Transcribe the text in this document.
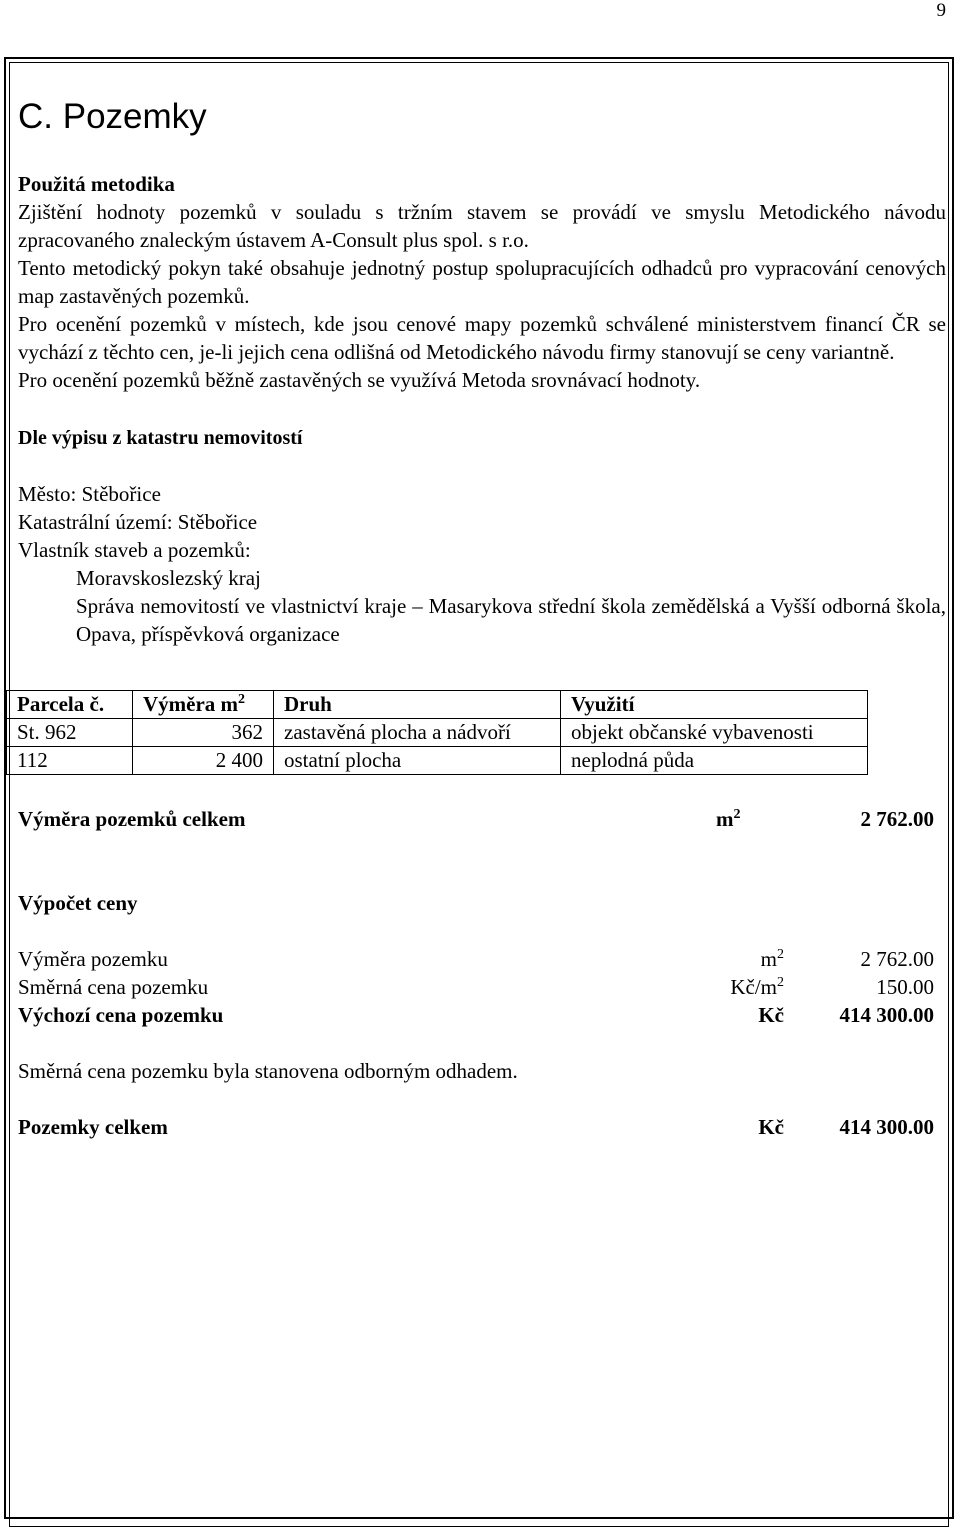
9
C. Pozemky
Použitá metodika

Zjištění hodnoty pozemků v souladu s tržním stavem se provádí ve smyslu Metodického návodu zpracovaného znaleckým ústavem A-Consult plus spol. s r.o.

Tento metodický pokyn také obsahuje jednotný postup spolupracujících odhadců pro vypracování cenových map zastavěných pozemků.

Pro ocenění pozemků v místech, kde jsou cenové mapy pozemků schválené ministerstvem financí ČR se vychází z těchto cen, je-li jejich cena odlišná od Metodického návodu firmy stanovují se ceny variantně.

Pro ocenění pozemků běžně zastavěných se využívá Metoda srovnávací hodnoty.

Dle výpisu z katastru nemovitostí
Město: Stěbořice
Katastrální území: Stěbořice
Vlastník staveb a pozemků:
Moravskoslezský kraj

Správa nemovitostí ve vlastnictví kraje – Masarykova střední škola zemědělská a Vyšší odborná škola, Opava, příspěvková organizace

Parcela č.	Výměra $m^2$	Druh	Využití
St. 962	362	zastavěná plocha a nádvoří	objekt občanské vybavenosti
112	2 400	ostatní plocha	neplodná půda
Výměra pozemků celkem	$m^2$	2 762.00
Výpočet ceny
Výměra pozemku	$m^2$	2 762.00
Směrná cena pozemku	$Kč/m^2$	150.00
Výchozí cena pozemku	Kč	414 300.00
Směrná cena pozemku byla stanovena odborným odhadem.
Pozemky celkem	Kč	414 300.00
